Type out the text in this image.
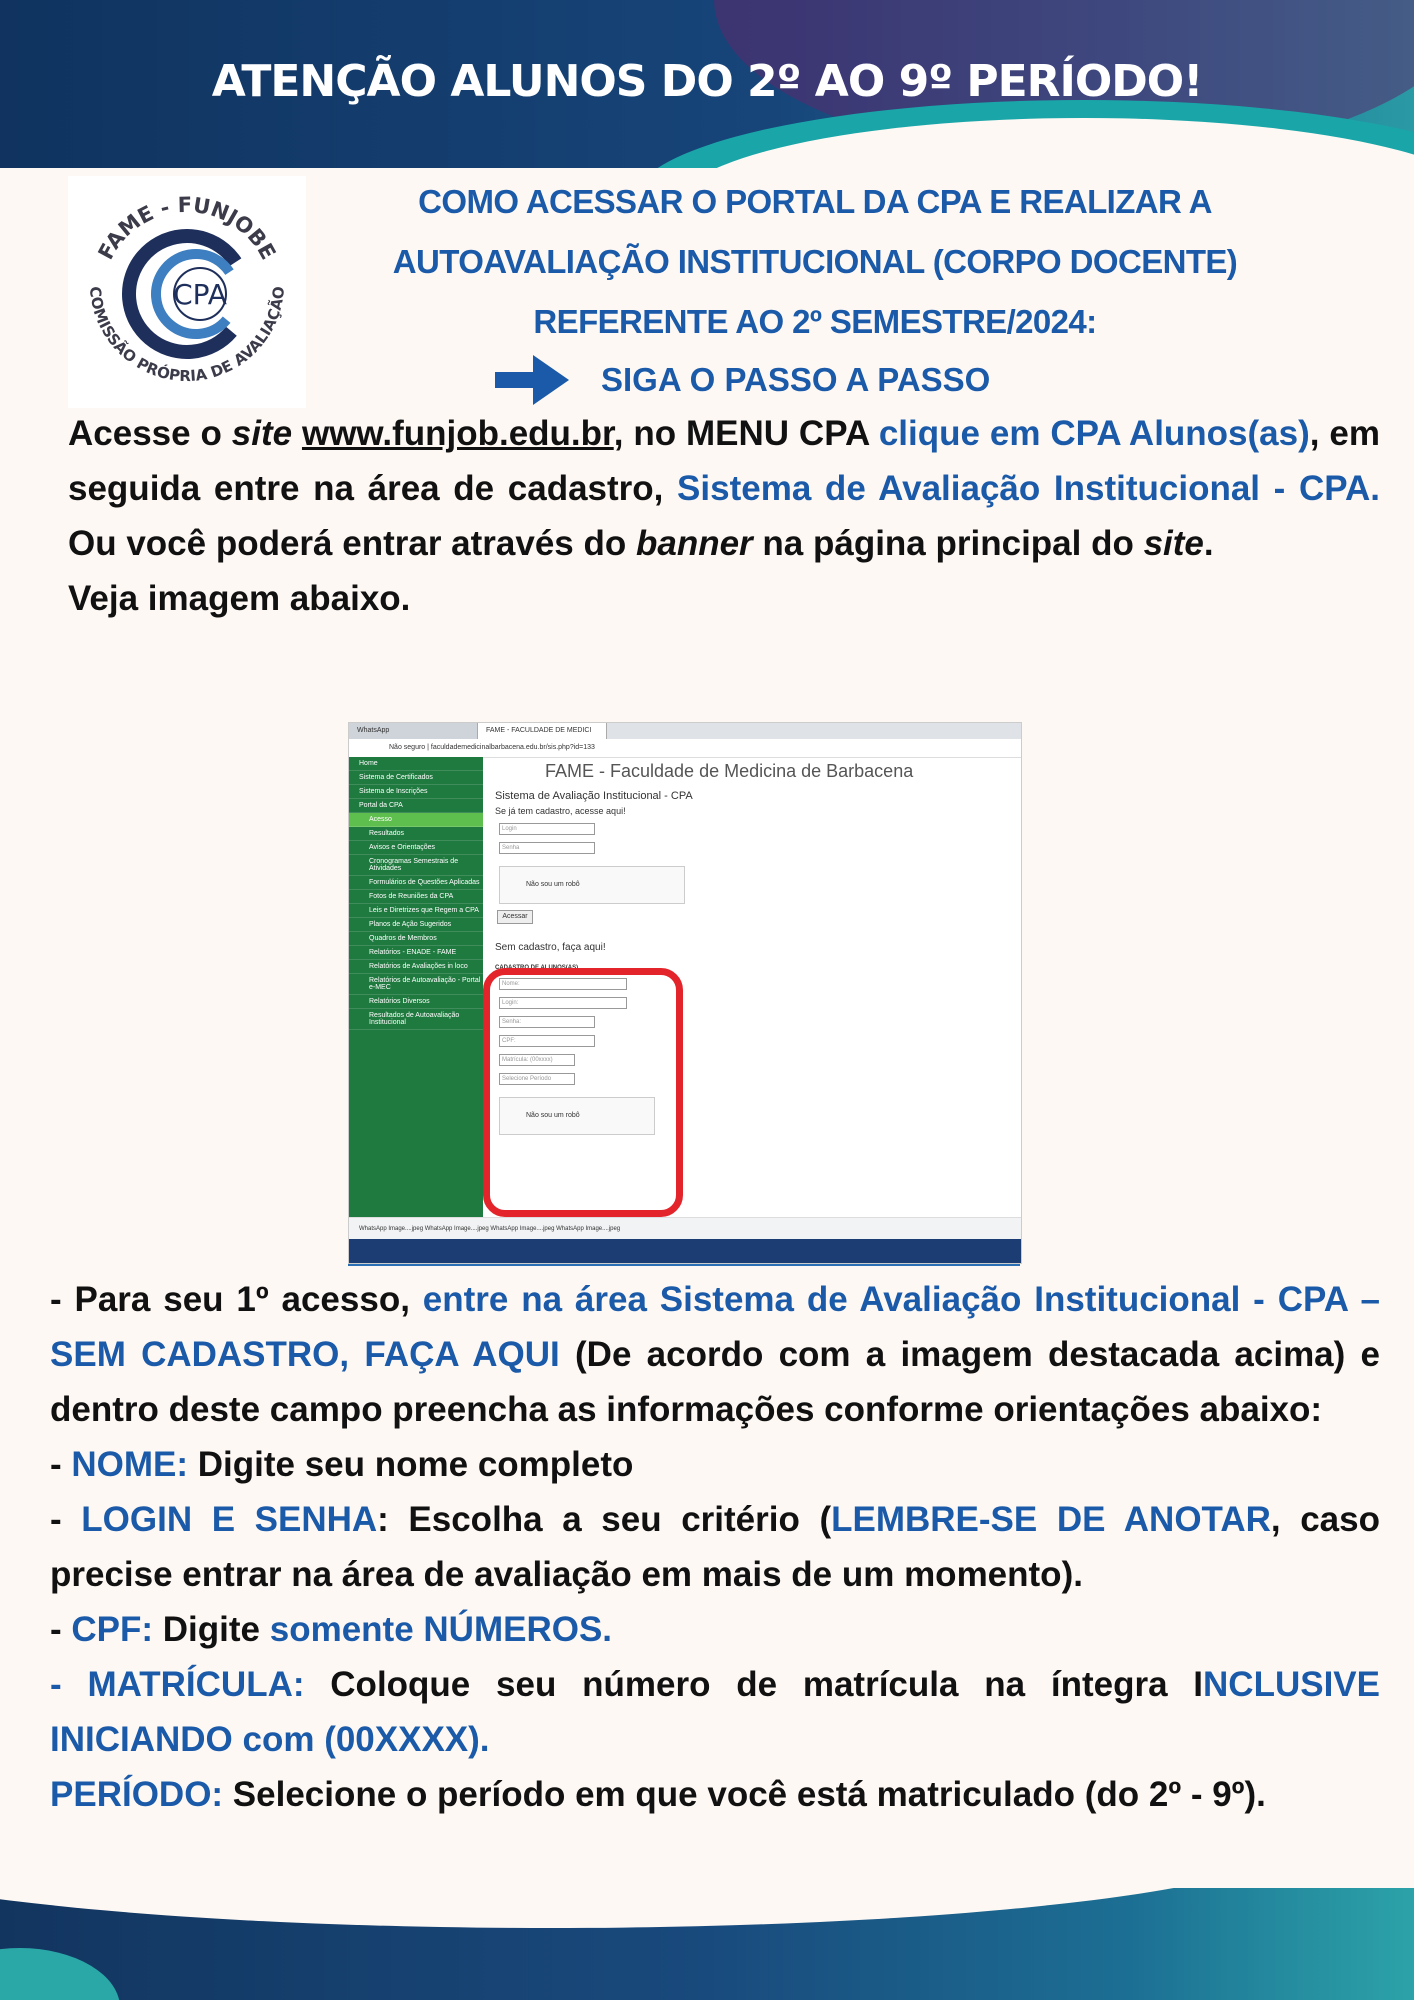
ATENÇÃO ALUNOS DO 2º AO 9º PERÍODO!
FAME - FUNJOBE
COMISSÃO PRÓPRIA DE AVALIAÇÃO
CPA
COMO ACESSAR O PORTAL DA CPA E REALIZAR A
AUTOAVALIAÇÃO INSTITUCIONAL (CORPO DOCENTE)
REFERENTE AO 2º SEMESTRE/2024:
SIGA O PASSO A PASSO
Acesse o site www.funjob.edu.br, no MENU CPA clique em CPA Alunos(as), em seguida entre na área de cadastro, Sistema de Avaliação Institucional - CPA. Ou você poderá entrar através do banner na página principal do site.
Veja imagem abaixo.
WhatsApp	FAME - FACULDADE DE MEDICI
Não seguro | faculdademedicinalbarbacena.edu.br/sis.php?id=133
Home
Sistema de Certificados
Sistema de Inscrições
Portal da CPA
Acesso
Resultados
Avisos e Orientações
Cronogramas Semestrais de Atividades
Formulários de Questões Aplicadas
Fotos de Reuniões da CPA
Leis e Diretrizes que Regem a CPA
Planos de Ação Sugeridos
Quadros de Membros
Relatórios - ENADE - FAME
Relatórios de Avaliações in loco
Relatórios de Autoavaliação - Portal e-MEC
Relatórios Diversos
Resultados de Autoavaliação Institucional
FAME - Faculdade de Medicina de Barbacena
Sistema de Avaliação Institucional - CPA
Se já tem cadastro, acesse aqui!
Login
Senha
Não sou um robô
Acessar
Sem cadastro, faça aqui!
CADASTRO DE ALUNOS(AS)
Nome:
Login:
Senha:
CPF:
Matrícula: (00xxxx)
Selecione Período
Não sou um robô
WhatsApp Image....jpeg WhatsApp Image....jpeg WhatsApp Image....jpeg WhatsApp Image....jpeg
- Para seu 1º acesso, entre na área Sistema de Avaliação Institucional - CPA – SEM CADASTRO, FAÇA AQUI (De acordo com a imagem destacada acima) e dentro deste campo preencha as informações conforme orientações abaixo:
- NOME: Digite seu nome completo
- LOGIN E SENHA: Escolha a seu critério (LEMBRE-SE DE ANOTAR, caso precise entrar na área de avaliação em mais de um momento).
- CPF: Digite somente NÚMEROS.
- MATRÍCULA: Coloque seu número de matrícula na íntegra INCLUSIVE INICIANDO com (00XXXX).
PERÍODO: Selecione o período em que você está matriculado (do 2º - 9º).
